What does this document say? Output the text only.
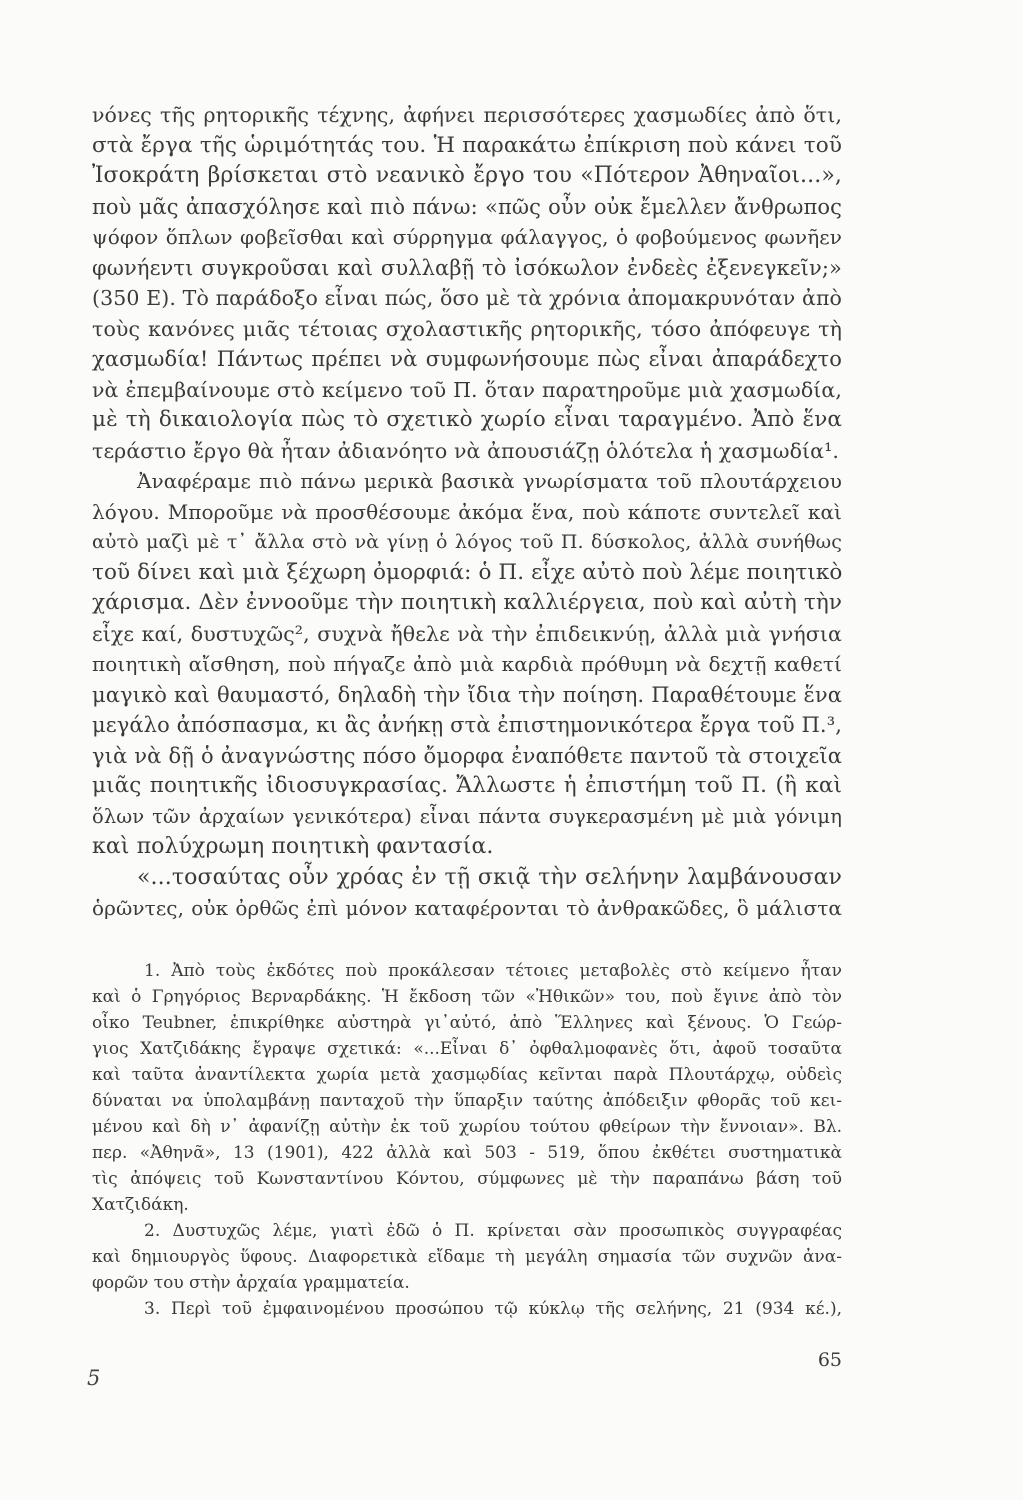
νόνες τῆς ρητορικῆς τέχνης, ἀφήνει περισσότερες χασμωδίες ἀπὸ ὅτι,
στὰ ἔργα τῆς ὡριμότητάς του. Ἡ παρακάτω ἐπίκριση ποὺ κάνει τοῦ
Ἰσοκράτη βρίσκεται στὸ νεανικὸ ἔργο του «Πότερον Ἀθηναῖοι...»,
ποὺ μᾶς ἀπασχόλησε καὶ πιὸ πάνω: «πῶς οὖν οὐκ ἔμελλεν ἄνθρωπος
ψόφον ὅπλων φοβεῖσθαι καὶ σύρρηγμα φάλαγγος, ὁ φοβούμενος φωνῆεν
φωνήεντι συγκροῦσαι καὶ συλλαβῇ τὸ ἰσόκωλον ἐνδεὲς ἐξενεγκεῖν;»
(350 E). Τὸ παράδοξο εἶναι πώς, ὅσο μὲ τὰ χρόνια ἀπομακρυνόταν ἀπὸ
τοὺς κανόνες μιᾶς τέτοιας σχολαστικῆς ρητορικῆς, τόσο ἀπόφευγε τὴ
χασμωδία! Πάντως πρέπει νὰ συμφωνήσουμε πὼς εἶναι ἀπαράδεχτο
νὰ ἐπεμβαίνουμε στὸ κείμενο τοῦ Π. ὅταν παρατηροῦμε μιὰ χασμωδία,
μὲ τὴ δικαιολογία πὼς τὸ σχετικὸ χωρίο εἶναι ταραγμένο. Ἀπὸ ἕνα
τεράστιο ἔργο θὰ ἦταν ἀδιανόητο νὰ ἀπουσιάζῃ ὁλότελα ἡ χασμωδία¹.
Ἀναφέραμε πιὸ πάνω μερικὰ βασικὰ γνωρίσματα τοῦ πλουτάρχειου
λόγου. Μποροῦμε νὰ προσθέσουμε ἀκόμα ἕνα, ποὺ κάποτε συντελεῖ καὶ
αὐτὸ μαζὶ μὲ τ᾿ ἄλλα στὸ νὰ γίνῃ ὁ λόγος τοῦ Π. δύσκολος, ἀλλὰ συνήθως
τοῦ δίνει καὶ μιὰ ξέχωρη ὀμορφιά: ὁ Π. εἶχε αὐτὸ ποὺ λέμε ποιητικὸ
χάρισμα. Δὲν ἐννοοῦμε τὴν ποιητικὴ καλλιέργεια, ποὺ καὶ αὐτὴ τὴν
εἶχε καί, δυστυχῶς², συχνὰ ἤθελε νὰ τὴν ἐπιδεικνύῃ, ἀλλὰ μιὰ γνήσια
ποιητικὴ αἴσθηση, ποὺ πήγαζε ἀπὸ μιὰ καρδιὰ πρόθυμη νὰ δεχτῇ καθετί
μαγικὸ καὶ θαυμαστό, δηλαδὴ τὴν ἴδια τὴν ποίηση. Παραθέτουμε ἕνα
μεγάλο ἀπόσπασμα, κι ἂς ἀνήκῃ στὰ ἐπιστημονικότερα ἔργα τοῦ Π.³,
γιὰ νὰ δῇ ὁ ἀναγνώστης πόσο ὄμορφα ἐναπόθετε παντοῦ τὰ στοιχεῖα
μιᾶς ποιητικῆς ἰδιοσυγκρασίας. Ἄλλωστε ἡ ἐπιστήμη τοῦ Π. (ἢ καὶ
ὅλων τῶν ἀρχαίων γενικότερα) εἶναι πάντα συγκερασμένη μὲ μιὰ γόνιμη
καὶ πολύχρωμη ποιητικὴ φαντασία.
«...τοσαύτας οὖν χρόας ἐν τῇ σκιᾷ τὴν σελήνην λαμβάνουσαν
ὁρῶντες, οὐκ ὀρθῶς ἐπὶ μόνον καταφέρονται τὸ ἀνθρακῶδες, ὃ μάλιστα
1. Ἀπὸ τοὺς ἐκδότες ποὺ προκάλεσαν τέτοιες μεταβολὲς στὸ κείμενο ἦταν
καὶ ὁ Γρηγόριος Βερναρδάκης. Ἡ ἔκδοση τῶν «Ἠθικῶν» του, ποὺ ἔγινε ἀπὸ τὸν
οἶκο Teubner, ἐπικρίθηκε αὐστηρὰ γι᾿αὐτό, ἀπὸ Ἕλληνες καὶ ξένους. Ὁ Γεώρ-
γιος Χατζιδάκης ἔγραψε σχετικά: «...Εἶναι δ᾿ ὀφθαλμοφανὲς ὅτι, ἀφοῦ τοσαῦτα
καὶ ταῦτα ἀναντίλεκτα χωρία μετὰ χασμῳδίας κεῖνται παρὰ Πλουτάρχῳ, οὐδεὶς
δύναται να ὑπολαμβάνῃ πανταχοῦ τὴν ὕπαρξιν ταύτης ἀπόδειξιν φθορᾶς τοῦ κει-
μένου καὶ δὴ ν᾿ ἀφανίζῃ αὐτὴν ἐκ τοῦ χωρίου τούτου φθείρων τὴν ἔννοιαν». Βλ.
περ. «Ἀθηνᾶ», 13 (1901), 422 ἀλλὰ καὶ 503 - 519, ὅπου ἐκθέτει συστηματικὰ
τὶς ἀπόψεις τοῦ Κωνσταντίνου Κόντου, σύμφωνες μὲ τὴν παραπάνω βάση τοῦ
Χατζιδάκη.
2. Δυστυχῶς λέμε, γιατὶ ἐδῶ ὁ Π. κρίνεται σὰν προσωπικὸς συγγραφέας
καὶ δημιουργὸς ὕφους. Διαφορετικὰ εἴδαμε τὴ μεγάλη σημασία τῶν συχνῶν ἀνα-
φορῶν του στὴν ἀρχαία γραμματεία.
3. Περὶ τοῦ ἐμφαινομένου προσώπου τῷ κύκλῳ τῆς σελήνης, 21 (934 κέ.),
65
5
